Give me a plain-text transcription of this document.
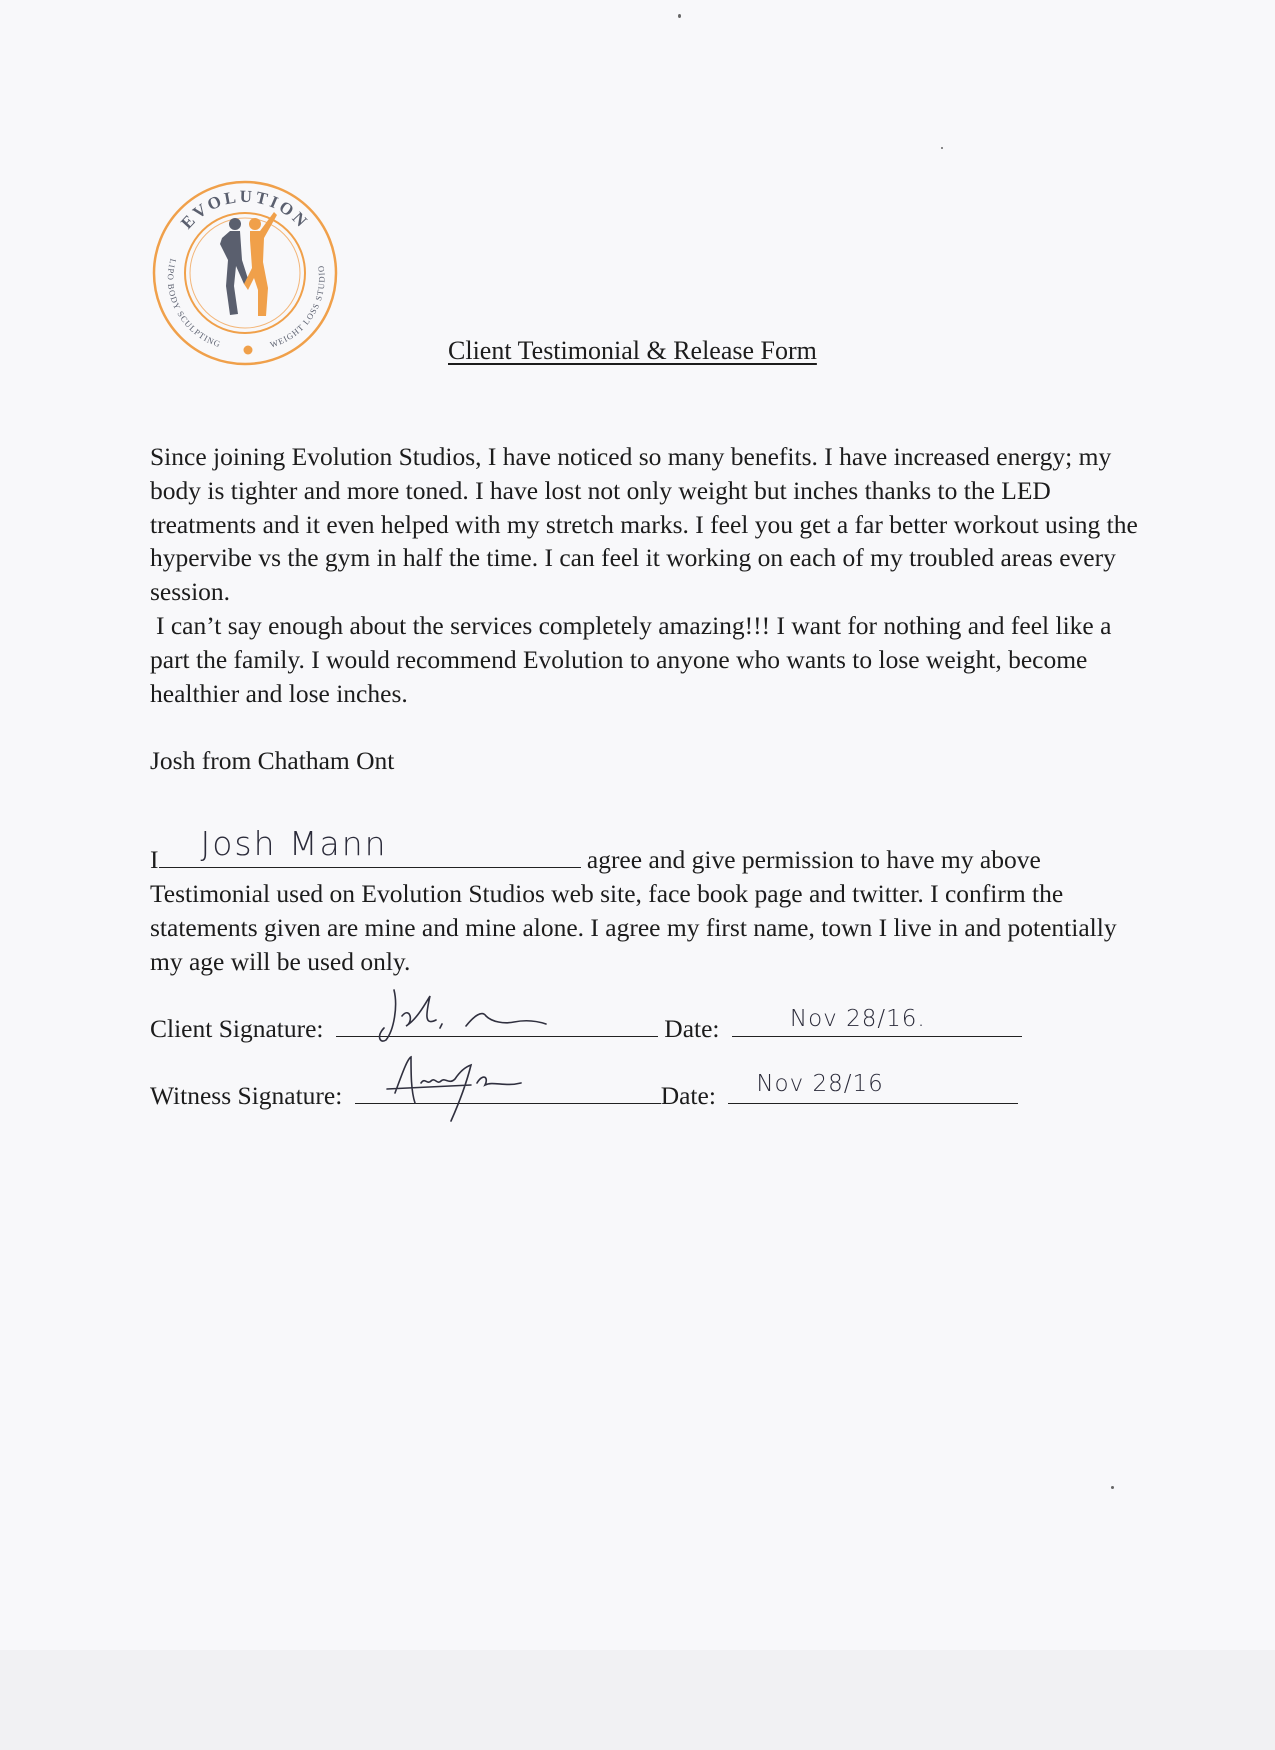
EVOLUTION
LIPO BODY SCULPTING	WEIGHT LOSS STUDIO
Client Testimonial & Release Form

Since joining Evolution Studios, I have noticed so many benefits. I have increased energy; my body is tighter and more toned. I have lost not only weight but inches thanks to the LED treatments and it even helped with my stretch marks. I feel you get a far better workout using the hypervibe vs the gym in half the time. I can feel it working on each of my troubled areas every session.

I can’t say enough about the services completely amazing!!! I want for nothing and feel like a part the family. I would recommend Evolution to anyone who wants to lose weight, become healthier and lose inches.

Josh from Chatham Ont
I Josh Mann	agree and give permission to have my above Testimonial used on Evolution Studios web site, face book page and twitter. I confirm the statements given are mine and mine alone. I agree my first name, town I live in and potentially my age will be used only.
Client Signature:	Date:	Nov 28/16.
Witness Signature:	Date: Nov 28/16
